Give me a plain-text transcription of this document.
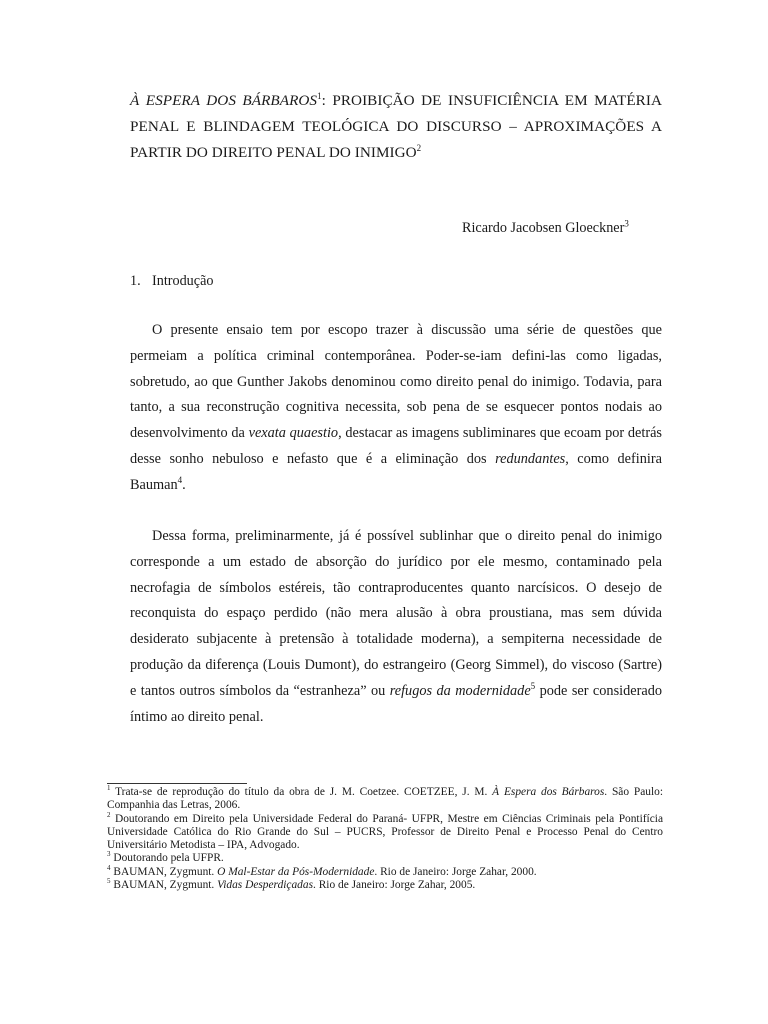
À ESPERA DOS BÁRBAROS$^1$: PROIBIÇÃO DE INSUFICIÊNCIA EM MATÉRIA PENAL E BLINDAGEM TEOLÓGICA DO DISCURSO – APROXIMAÇÕES A PARTIR DO DIREITO PENAL DO INIMIGO$^2$
Ricardo Jacobsen Gloeckner$^3$
1. Introdução

O presente ensaio tem por escopo trazer à discussão uma série de questões que permeiam a política criminal contemporânea. Poder-se-iam defini-las como ligadas, sobretudo, ao que Gunther Jakobs denominou como direito penal do inimigo. Todavia, para tanto, a sua reconstrução cognitiva necessita, sob pena de se esquecer pontos nodais ao desenvolvimento da vexata quaestio, destacar as imagens subliminares que ecoam por detrás desse sonho nebuloso e nefasto que é a eliminação dos redundantes, como definira Bauman$^4$.

Dessa forma, preliminarmente, já é possível sublinhar que o direito penal do inimigo corresponde a um estado de absorção do jurídico por ele mesmo, contaminado pela necrofagia de símbolos estéreis, tão contraproducentes quanto narcísicos. O desejo de reconquista do espaço perdido (não mera alusão à obra proustiana, mas sem dúvida desiderato subjacente à pretensão à totalidade moderna), a sempiterna necessidade de produção da diferença (Louis Dumont), do estrangeiro (Georg Simmel), do viscoso (Sartre) e tantos outros símbolos da “estranheza” ou refugos da modernidade$^5$ pode ser considerado íntimo ao direito penal.

$^1$ Trata-se de reprodução do título da obra de J. M. Coetzee. COETZEE, J. M. À Espera dos Bárbaros. São Paulo: Companhia das Letras, 2006.

$^2$ Doutorando em Direito pela Universidade Federal do Paraná- UFPR, Mestre em Ciências Criminais pela Pontifícia Universidade Católica do Rio Grande do Sul – PUCRS, Professor de Direito Penal e Processo Penal do Centro Universitário Metodista – IPA, Advogado.

$^3$ Doutorando pela UFPR.

$^4$ BAUMAN, Zygmunt. O Mal-Estar da Pós-Modernidade. Rio de Janeiro: Jorge Zahar, 2000.

$^5$ BAUMAN, Zygmunt. Vidas Desperdiçadas. Rio de Janeiro: Jorge Zahar, 2005.
